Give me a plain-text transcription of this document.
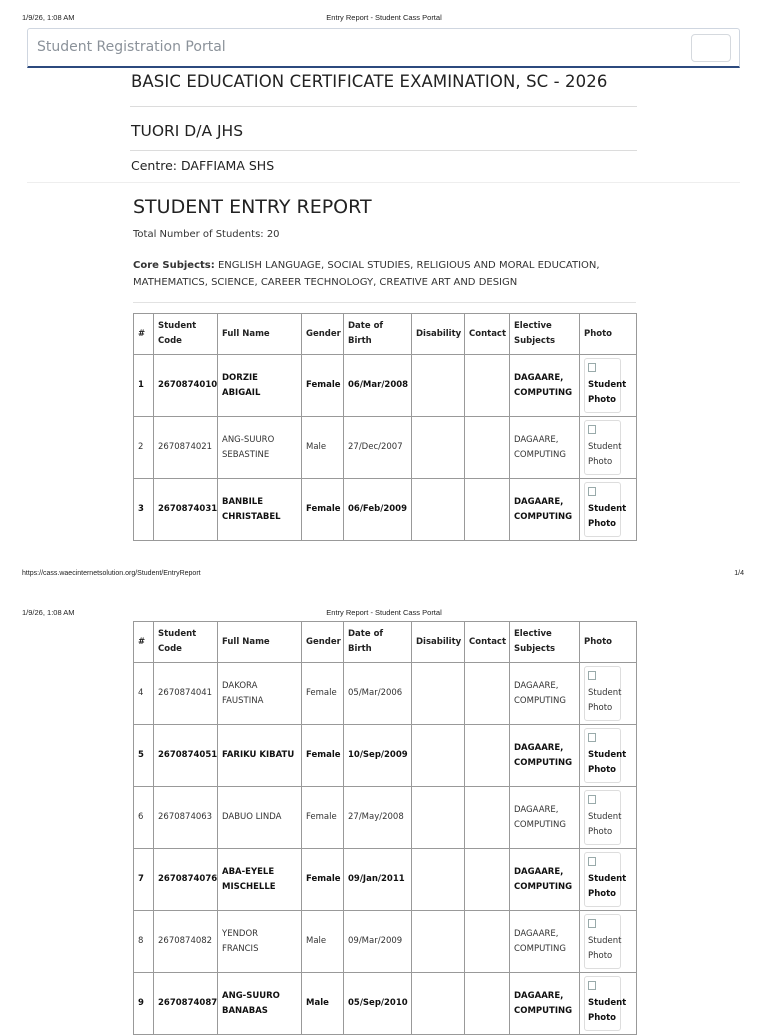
1/9/26, 1:08 AM	Entry Report - Student Cass Portal
Student Registration Portal
BASIC EDUCATION CERTIFICATE EXAMINATION, SC - 2026
TUORI D/A JHS
Centre: DAFFIAMA SHS
STUDENT ENTRY REPORT
Total Number of Students: 20
Core Subjects: ENGLISH LANGUAGE, SOCIAL STUDIES, RELIGIOUS AND MORAL EDUCATION, MATHEMATICS, SCIENCE, CAREER TECHNOLOGY, CREATIVE ART AND DESIGN
#	Student Code	Full Name	Gender	Date of Birth	Disability	Contact	Elective Subjects	Photo
1	2670874010	DORZIE ABIGAIL	Female	06/Mar/2008			DAGAARE, COMPUTING	Student Photo

2	2670874021	ANG-SUURO SEBASTINE	Male	27/Dec/2007			DAGAARE, COMPUTING	Student Photo

3	2670874031	BANBILE CHRISTABEL	Female	06/Feb/2009			DAGAARE, COMPUTING	Student Photo
https://cass.waecinternetsolution.org/Student/EntryReport	1/4
1/9/26, 1:08 AM	Entry Report - Student Cass Portal
#	Student Code	Full Name	Gender	Date of Birth	Disability	Contact	Elective Subjects	Photo
4	2670874041	DAKORA FAUSTINA	Female	05/Mar/2006			DAGAARE, COMPUTING	Student Photo

5	2670874051	FARIKU KIBATU	Female	10/Sep/2009			DAGAARE, COMPUTING	Student Photo

6	2670874063	DABUO LINDA	Female	27/May/2008			DAGAARE, COMPUTING	Student Photo

7	2670874076	ABA-EYELE MISCHELLE	Female	09/Jan/2011			DAGAARE, COMPUTING	Student Photo

8	2670874082	YENDOR FRANCIS	Male	09/Mar/2009			DAGAARE, COMPUTING	Student Photo

9	2670874087	ANG-SUURO BANABAS	Male	05/Sep/2010			DAGAARE, COMPUTING	Student Photo
